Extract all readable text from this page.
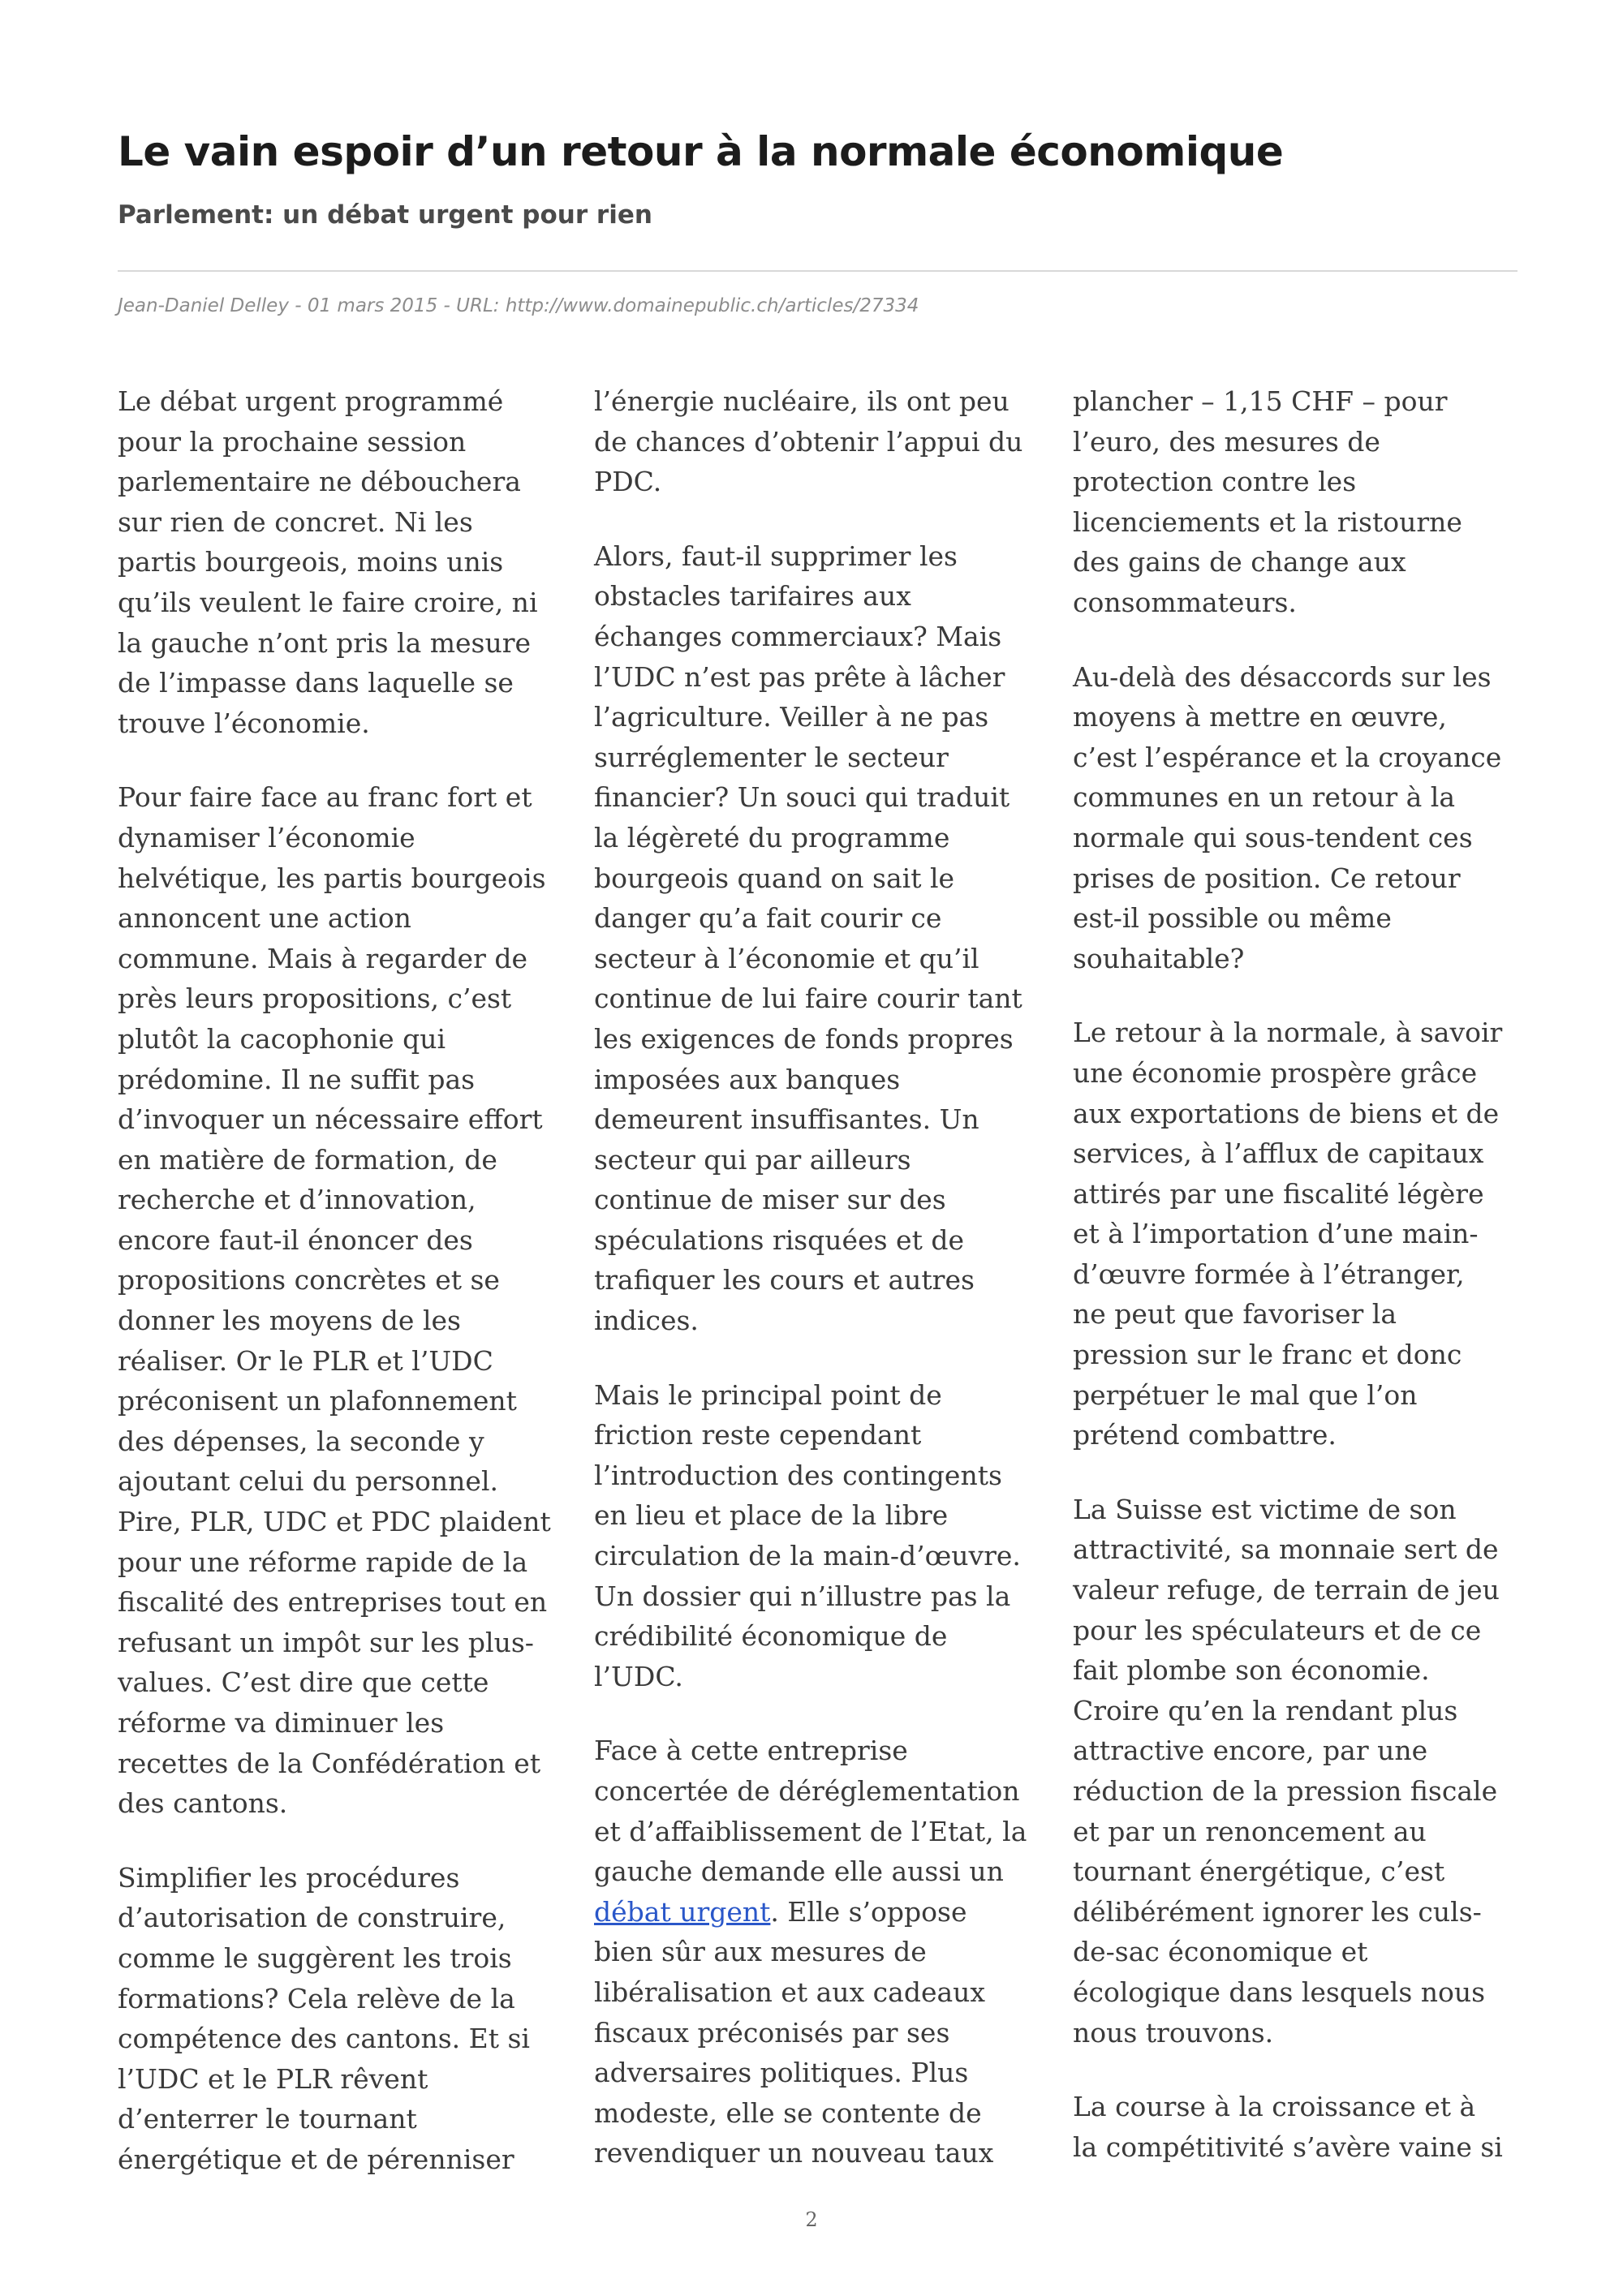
Le vain espoir d’un retour à la normale économique
Parlement: un débat urgent pour rien
Jean-Daniel Delley - 01 mars 2015 - URL: http://www.domainepublic.ch/articles/27334

Le débat urgent programmé
pour la prochaine session
parlementaire ne débouchera
sur rien de concret. Ni les
partis bourgeois, moins unis
qu’ils veulent le faire croire, ni
la gauche n’ont pris la mesure
de l’impasse dans laquelle se
trouve l’économie.

Pour faire face au franc fort et
dynamiser l’économie
helvétique, les partis bourgeois
annoncent une action
commune. Mais à regarder de
près leurs propositions, c’est
plutôt la cacophonie qui
prédomine. Il ne suffit pas
d’invoquer un nécessaire effort
en matière de formation, de
recherche et d’innovation,
encore faut-il énoncer des
propositions concrètes et se
donner les moyens de les
réaliser. Or le PLR et l’UDC
préconisent un plafonnement
des dépenses, la seconde y
ajoutant celui du personnel.
Pire, PLR, UDC et PDC plaident
pour une réforme rapide de la
fiscalité des entreprises tout en
refusant un impôt sur les plus-
values. C’est dire que cette
réforme va diminuer les
recettes de la Confédération et
des cantons.

Simplifier les procédures
d’autorisation de construire,
comme le suggèrent les trois
formations? Cela relève de la
compétence des cantons. Et si
l’UDC et le PLR rêvent
d’enterrer le tournant
énergétique et de pérenniser

l’énergie nucléaire, ils ont peu
de chances d’obtenir l’appui du
PDC.

Alors, faut-il supprimer les
obstacles tarifaires aux
échanges commerciaux? Mais
l’UDC n’est pas prête à lâcher
l’agriculture. Veiller à ne pas
surréglementer le secteur
financier? Un souci qui traduit
la légèreté du programme
bourgeois quand on sait le
danger qu’a fait courir ce
secteur à l’économie et qu’il
continue de lui faire courir tant
les exigences de fonds propres
imposées aux banques
demeurent insuffisantes. Un
secteur qui par ailleurs
continue de miser sur des
spéculations risquées et de
trafiquer les cours et autres
indices.

Mais le principal point de
friction reste cependant
l’introduction des contingents
en lieu et place de la libre
circulation de la main-d’œuvre.
Un dossier qui n’illustre pas la
crédibilité économique de
l’UDC.

Face à cette entreprise
concertée de déréglementation
et d’affaiblissement de l’Etat, la
gauche demande elle aussi un
débat urgent. Elle s’oppose
bien sûr aux mesures de
libéralisation et aux cadeaux
fiscaux préconisés par ses
adversaires politiques. Plus
modeste, elle se contente de
revendiquer un nouveau taux

plancher – 1,15 CHF – pour
l’euro, des mesures de
protection contre les
licenciements et la ristourne
des gains de change aux
consommateurs.

Au-delà des désaccords sur les
moyens à mettre en œuvre,
c’est l’espérance et la croyance
communes en un retour à la
normale qui sous-tendent ces
prises de position. Ce retour
est-il possible ou même
souhaitable?

Le retour à la normale, à savoir
une économie prospère grâce
aux exportations de biens et de
services, à l’afflux de capitaux
attirés par une fiscalité légère
et à l’importation d’une main-
d’œuvre formée à l’étranger,
ne peut que favoriser la
pression sur le franc et donc
perpétuer le mal que l’on
prétend combattre.

La Suisse est victime de son
attractivité, sa monnaie sert de
valeur refuge, de terrain de jeu
pour les spéculateurs et de ce
fait plombe son économie.
Croire qu’en la rendant plus
attractive encore, par une
réduction de la pression fiscale
et par un renoncement au
tournant énergétique, c’est
délibérément ignorer les culs-
de-sac économique et
écologique dans lesquels nous
nous trouvons.

La course à la croissance et à
la compétitivité s’avère vaine si

2
